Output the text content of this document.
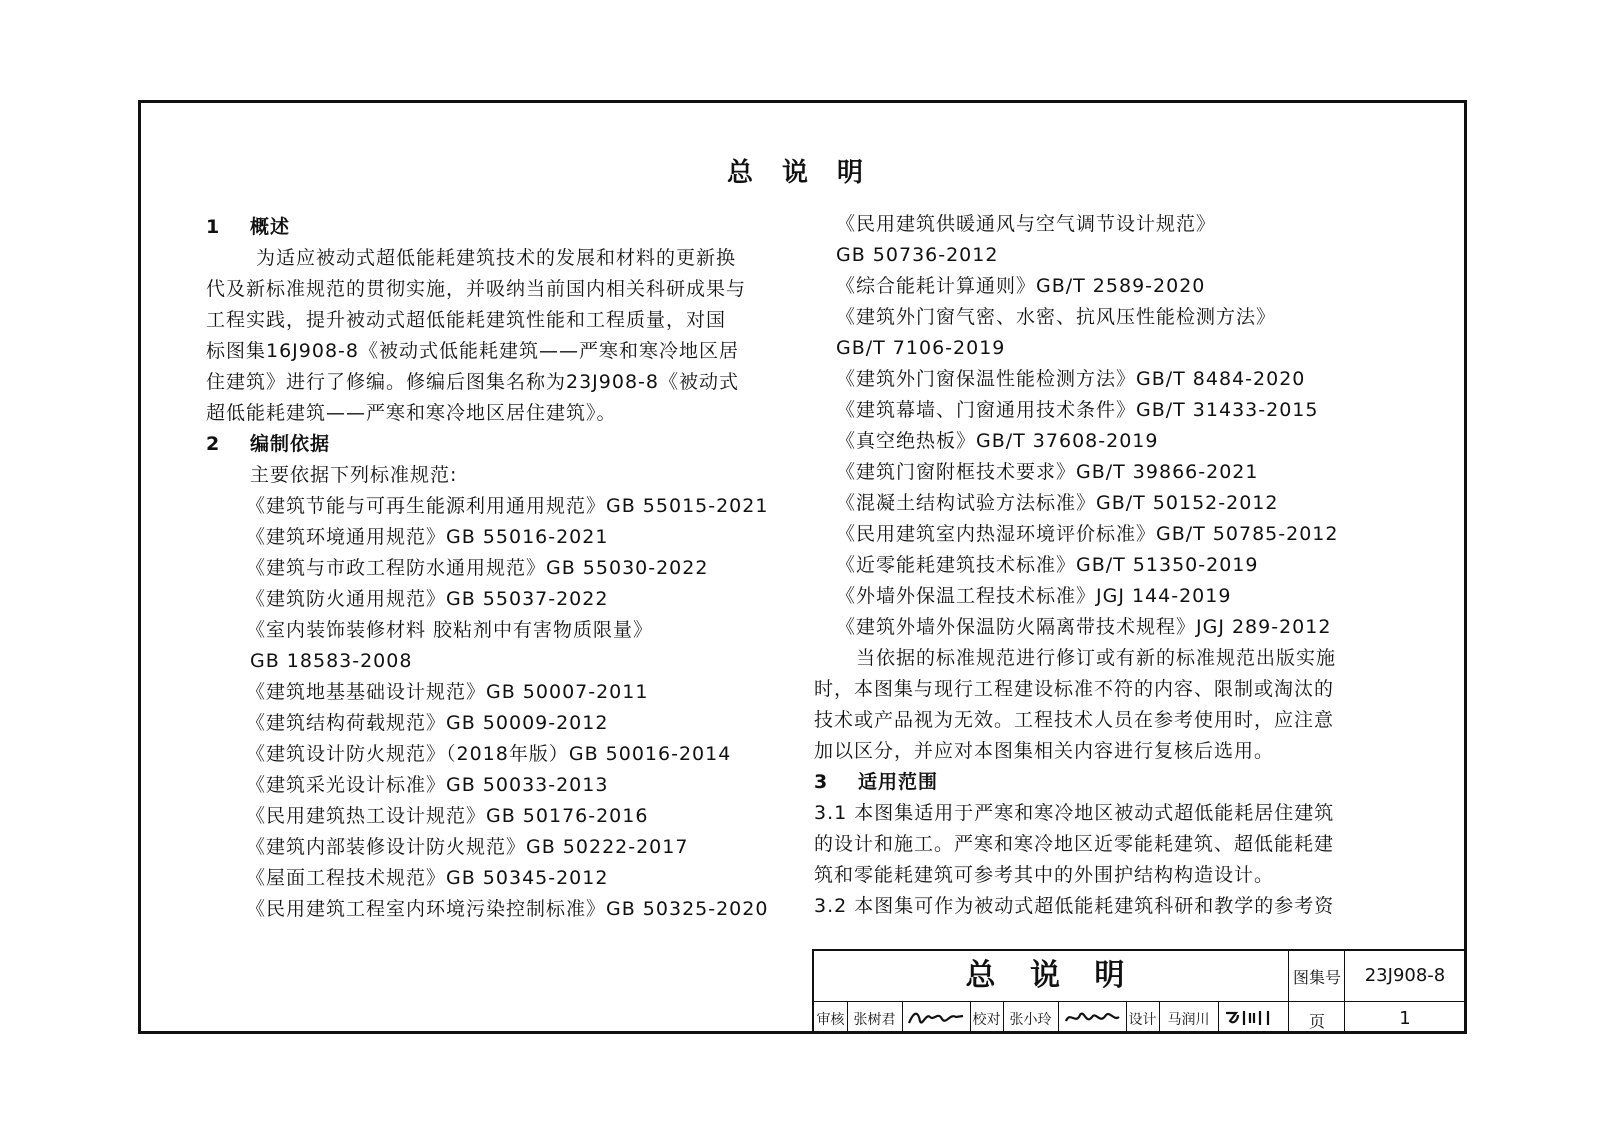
总 说 明
1 概述
为适应被动式超低能耗建筑技术的发展和材料的更新换
代及新标准规范的贯彻实施，并吸纳当前国内相关科研成果与
工程实践，提升被动式超低能耗建筑性能和工程质量，对国
标图集16J908-8《被动式低能耗建筑——严寒和寒冷地区居
住建筑》进行了修编。修编后图集名称为23J908-8《被动式
超低能耗建筑——严寒和寒冷地区居住建筑》。
2 编制依据
主要依据下列标准规范:
《建筑节能与可再生能源利用通用规范》GB 55015-2021
《建筑环境通用规范》GB 55016-2021
《建筑与市政工程防水通用规范》GB 55030-2022
《建筑防火通用规范》GB 55037-2022
《室内装饰装修材料 胶粘剂中有害物质限量》
GB 18583-2008
《建筑地基基础设计规范》GB 50007-2011
《建筑结构荷载规范》GB 50009-2012
《建筑设计防火规范》（2018年版）GB 50016-2014
《建筑采光设计标准》GB 50033-2013
《民用建筑热工设计规范》GB 50176-2016
《建筑内部装修设计防火规范》GB 50222-2017
《屋面工程技术规范》GB 50345-2012
《民用建筑工程室内环境污染控制标准》GB 50325-2020
《民用建筑供暖通风与空气调节设计规范》
GB 50736-2012
《综合能耗计算通则》GB/T 2589-2020
《建筑外门窗气密、水密、抗风压性能检测方法》
GB/T 7106-2019
《建筑外门窗保温性能检测方法》GB/T 8484-2020
《建筑幕墙、门窗通用技术条件》GB/T 31433-2015
《真空绝热板》GB/T 37608-2019
《建筑门窗附框技术要求》GB/T 39866-2021
《混凝土结构试验方法标准》GB/T 50152-2012
《民用建筑室内热湿环境评价标准》GB/T 50785-2012
《近零能耗建筑技术标准》GB/T 51350-2019
《外墙外保温工程技术标准》JGJ 144-2019
《建筑外墙外保温防火隔离带技术规程》JGJ 289-2012
当依据的标准规范进行修订或有新的标准规范出版实施
时，本图集与现行工程建设标准不符的内容、限制或淘汰的
技术或产品视为无效。工程技术人员在参考使用时，应注意
加以区分，并应对本图集相关内容进行复核后选用。
3 适用范围
3.1 本图集适用于严寒和寒冷地区被动式超低能耗居住建筑
的设计和施工。严寒和寒冷地区近零能耗建筑、超低能耗建
筑和零能耗建筑可参考其中的外围护结构构造设计。
3.2 本图集可作为被动式超低能耗建筑科研和教学的参考资
总 说 明	图集号	23J908-8
页	1
审核 张树君	校对 张小玲	设计 马润川
